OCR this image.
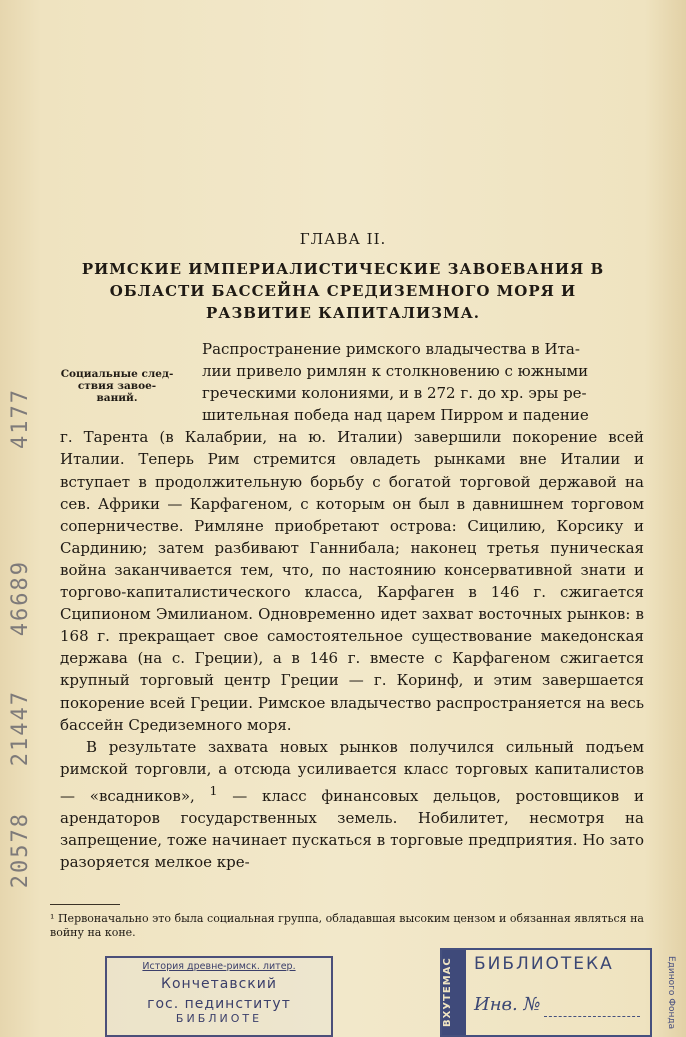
ГЛАВА II.
РИМСКИЕ ИМПЕРИАЛИСТИЧЕСКИЕ ЗАВОЕВАНИЯ В ОБЛАСТИ БАССЕЙНА СРЕДИЗЕМНОГО МОРЯ И РАЗВИТИЕ КАПИТАЛИЗМА.
Социальные след-
ствия завое-
ваний.
Распространение римского владычества в Ита-
лии привело римлян к столкновению с южными
греческими колониями, и в 272 г. до хр. эры ре-
шительная победа над царем Пирром и падение

г. Тарента (в Калабрии, на ю. Италии) завершили покорение всей Италии. Теперь Рим стремится овладеть рынками вне Италии и вступает в продолжительную борьбу с богатой торговой державой на сев. Африки — Карфагеном, с которым он был в давнишнем торговом соперничестве. Римляне приобретают острова: Сицилию, Корсику и Сардинию; затем разбивают Ганнибала; наконец третья пуническая война заканчивается тем, что, по настоянию консервативной знати и торгово-капиталистического класса, Карфаген в 146 г. сжигается Сципионом Эмилианом. Одновременно идет захват восточных рынков: в 168 г. прекращает свое самостоятельное существование македонская держава (на с. Греции), а в 146 г. вместе с Карфагеном сжигается крупный торговый центр Греции — г. Коринф, и этим завершается покорение всей Греции. Римское владычество распространяется на весь бассейн Средиземного моря.

В результате захвата новых рынков получился сильный подъем римской торговли, а отсюда усиливается класс торговых капиталистов — «всадников», $^1$ — класс финансовых дельцов, ростовщиков и арендаторов государственных земель. Нобилитет, несмотря на запрещение, тоже начинает пускаться в торговые предприятия. Но зато разоряется мелкое кре-

¹ Первоначально это была социальная группа, обладавшая высоким цензом и обязанная являться на войну на коне.
История древне-римск. литер.
Кончетавский
гос. пединститут
БИБЛИОТЕ	ВХУТЕМАС	БИБЛИОТЕКА
Инв. №	Единого Фонда
4177
46689
21447
20578
